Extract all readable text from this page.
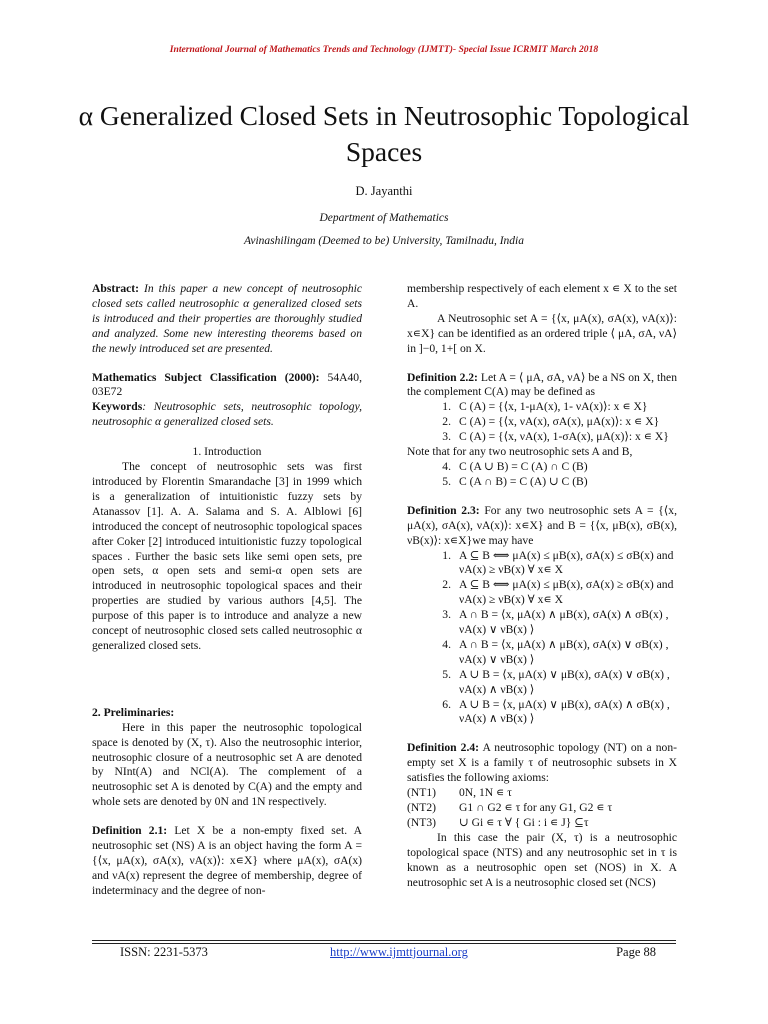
International Journal of Mathematics Trends and Technology (IJMTT)- Special Issue ICRMIT March 2018
α Generalized Closed Sets in Neutrosophic Topological Spaces
D. Jayanthi
Department of Mathematics
Avinashilingam (Deemed to be) University, Tamilnadu, India

Abstract: In this paper a new concept of neutrosophic closed sets called neutrosophic α generalized closed sets is introduced and their properties are thoroughly studied and analyzed. Some new interesting theorems based on the newly introduced set are presented.

Mathematics Subject Classification (2000): 54A40, 03E72

Keywords: Neutrosophic sets, neutrosophic topology, neutrosophic α generalized closed sets.

1. Introduction

The concept of neutrosophic sets was first introduced by Florentin Smarandache [3] in 1999 which is a generalization of intuitionistic fuzzy sets by Atanassov [1]. A. A. Salama and S. A. Alblowi [6] introduced the concept of neutrosophic topological spaces after Coker [2] introduced intuitionistic fuzzy topological spaces . Further the basic sets like semi open sets, pre open sets, α open sets and semi-α open sets are introduced in neutrosophic topological spaces and their properties are studied by various authors [4,5]. The purpose of this paper is to introduce and analyze a new concept of neutrosophic closed sets called neutrosophic α generalized closed sets.

2. Preliminaries:

Here in this paper the neutrosophic topological space is denoted by (X, τ). Also the neutrosophic interior, neutrosophic closure of a neutrosophic set A are denoted by NInt(A) and NCl(A). The complement of a neutrosophic set A is denoted by C(A) and the empty and whole sets are denoted by 0N and 1N respectively.

Definition 2.1: Let X be a non-empty fixed set. A neutrosophic set (NS) A is an object having the form A = {⟨x, μA(x), σA(x), νA(x)⟩: x∊X} where μA(x), σA(x) and νA(x) represent the degree of membership, degree of indeterminacy and the degree of non-

membership respectively of each element x ∊ X to the set A.

A Neutrosophic set A = {⟨x, μA(x), σA(x), νA(x)⟩: x∊X} can be identified as an ordered triple ⟨ μA, σA, νA⟩ in ]−0, 1+[ on X.

Definition 2.2: Let A = ⟨ μA, σA, νA⟩ be a NS on X, then the complement C(A) may be defined as

1. C (A) = {⟨x, 1-μA(x), 1- νA(x)⟩: x ∊ X}
2. C (A) = {⟨x, νA(x), σA(x), μA(x)⟩: x ∊ X}
3. C (A) = {⟨x, νA(x), 1-σA(x), μA(x)⟩: x ∊ X}

Note that for any two neutrosophic sets A and B,

4. C (A ∪ B) = C (A) ∩ C (B)
5. C (A ∩ B) = C (A) ∪ C (B)

Definition 2.3: For any two neutrosophic sets A = {⟨x, μA(x), σA(x), νA(x)⟩: x∊X} and B = {⟨x, μB(x), σB(x), νB(x)⟩: x∊X}we may have

1. A ⊆ B ⟺ μA(x) ≤ μB(x), σA(x) ≤ σB(x) and
νA(x) ≥ νB(x) ∀ x∊ X
2. A ⊆ B ⟺ μA(x) ≤ μB(x), σA(x) ≥ σB(x) and
νA(x) ≥ νB(x) ∀ x∊ X
3. A ∩ B = ⟨x, μA(x) ∧ μB(x), σA(x) ∧ σB(x) ,
νA(x) ∨ νB(x) ⟩
4. A ∩ B = ⟨x, μA(x) ∧ μB(x), σA(x) ∨ σB(x) ,
νA(x) ∨ νB(x) ⟩
5. A ∪ B = ⟨x, μA(x) ∨ μB(x), σA(x) ∨ σB(x) ,
νA(x) ∧ νB(x) ⟩
6. A ∪ B = ⟨x, μA(x) ∨ μB(x), σA(x) ∧ σB(x) ,
νA(x) ∧ νB(x) ⟩

Definition 2.4: A neutrosophic topology (NT) on a non-empty set X is a family τ of neutrosophic subsets in X satisfies the following axioms:

(NT1)	0N, 1N ∊ τ
(NT2)	G1 ∩ G2 ∊ τ for any G1, G2 ∊ τ
(NT3)	∪ Gi ∊ τ ∀ { Gi : i ∊ J} ⊆τ

In this case the pair (X, τ) is a neutrosophic topological space (NTS) and any neutrosophic set in τ is known as a neutrosophic open set (NOS) in X. A neutrosophic set A is a neutrosophic closed set (NCS)

ISSN: 2231-5373	http://www.ijmttjournal.org	Page 88
